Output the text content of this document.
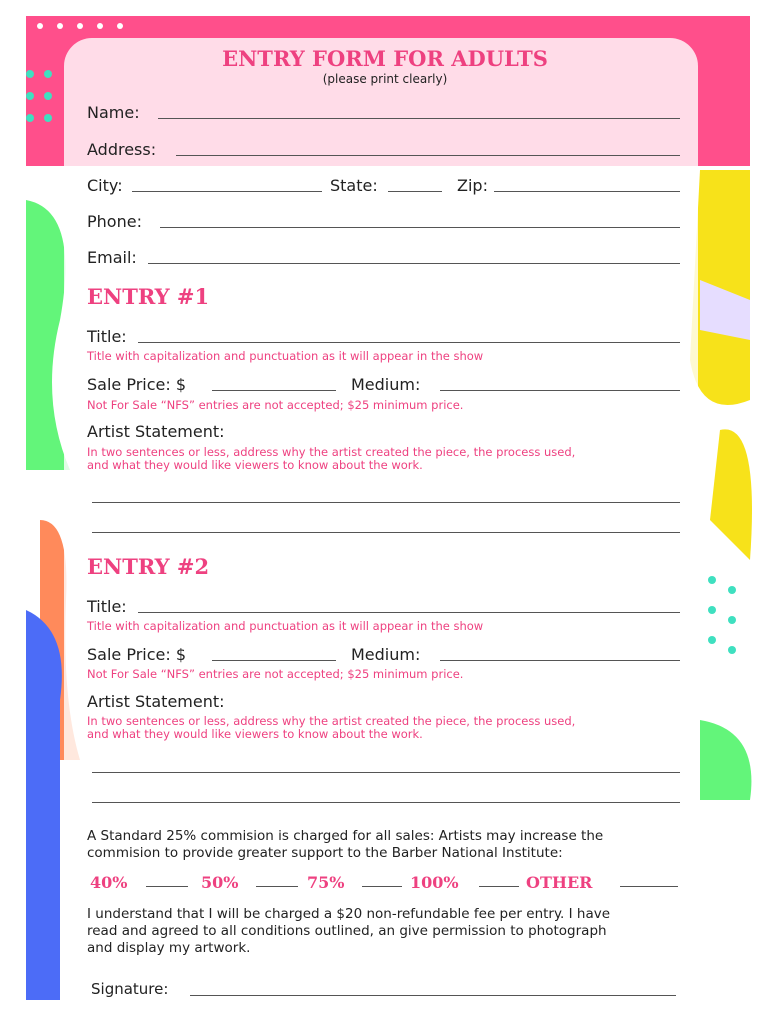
ENTRY FORM FOR ADULTS
(please print clearly)
Name:
Address:
City:	State:	Zip:
Phone:
Email:
ENTRY #1
Title:
Title with capitalization and punctuation as it will appear in the show
Sale Price: $	Medium:
Not For Sale “NFS” entries are not accepted; $25 minimum price.
Artist Statement:
In two sentences or less, address why the artist created the piece, the process used,
and what they would like viewers to know about the work.
ENTRY #2
Title:
Title with capitalization and punctuation as it will appear in the show
Sale Price: $	Medium:
Not For Sale “NFS” entries are not accepted; $25 minimum price.
Artist Statement:
In two sentences or less, address why the artist created the piece, the process used,
and what they would like viewers to know about the work.
A Standard 25% commision is charged for all sales: Artists may increase the
commision to provide greater support to the Barber National Institute:
40%	50%	75%	100%	OTHER
I understand that I will be charged a $20 non-refundable fee per entry. I have
read and agreed to all conditions outlined, an give permission to photograph
and display my artwork.
Signature:
